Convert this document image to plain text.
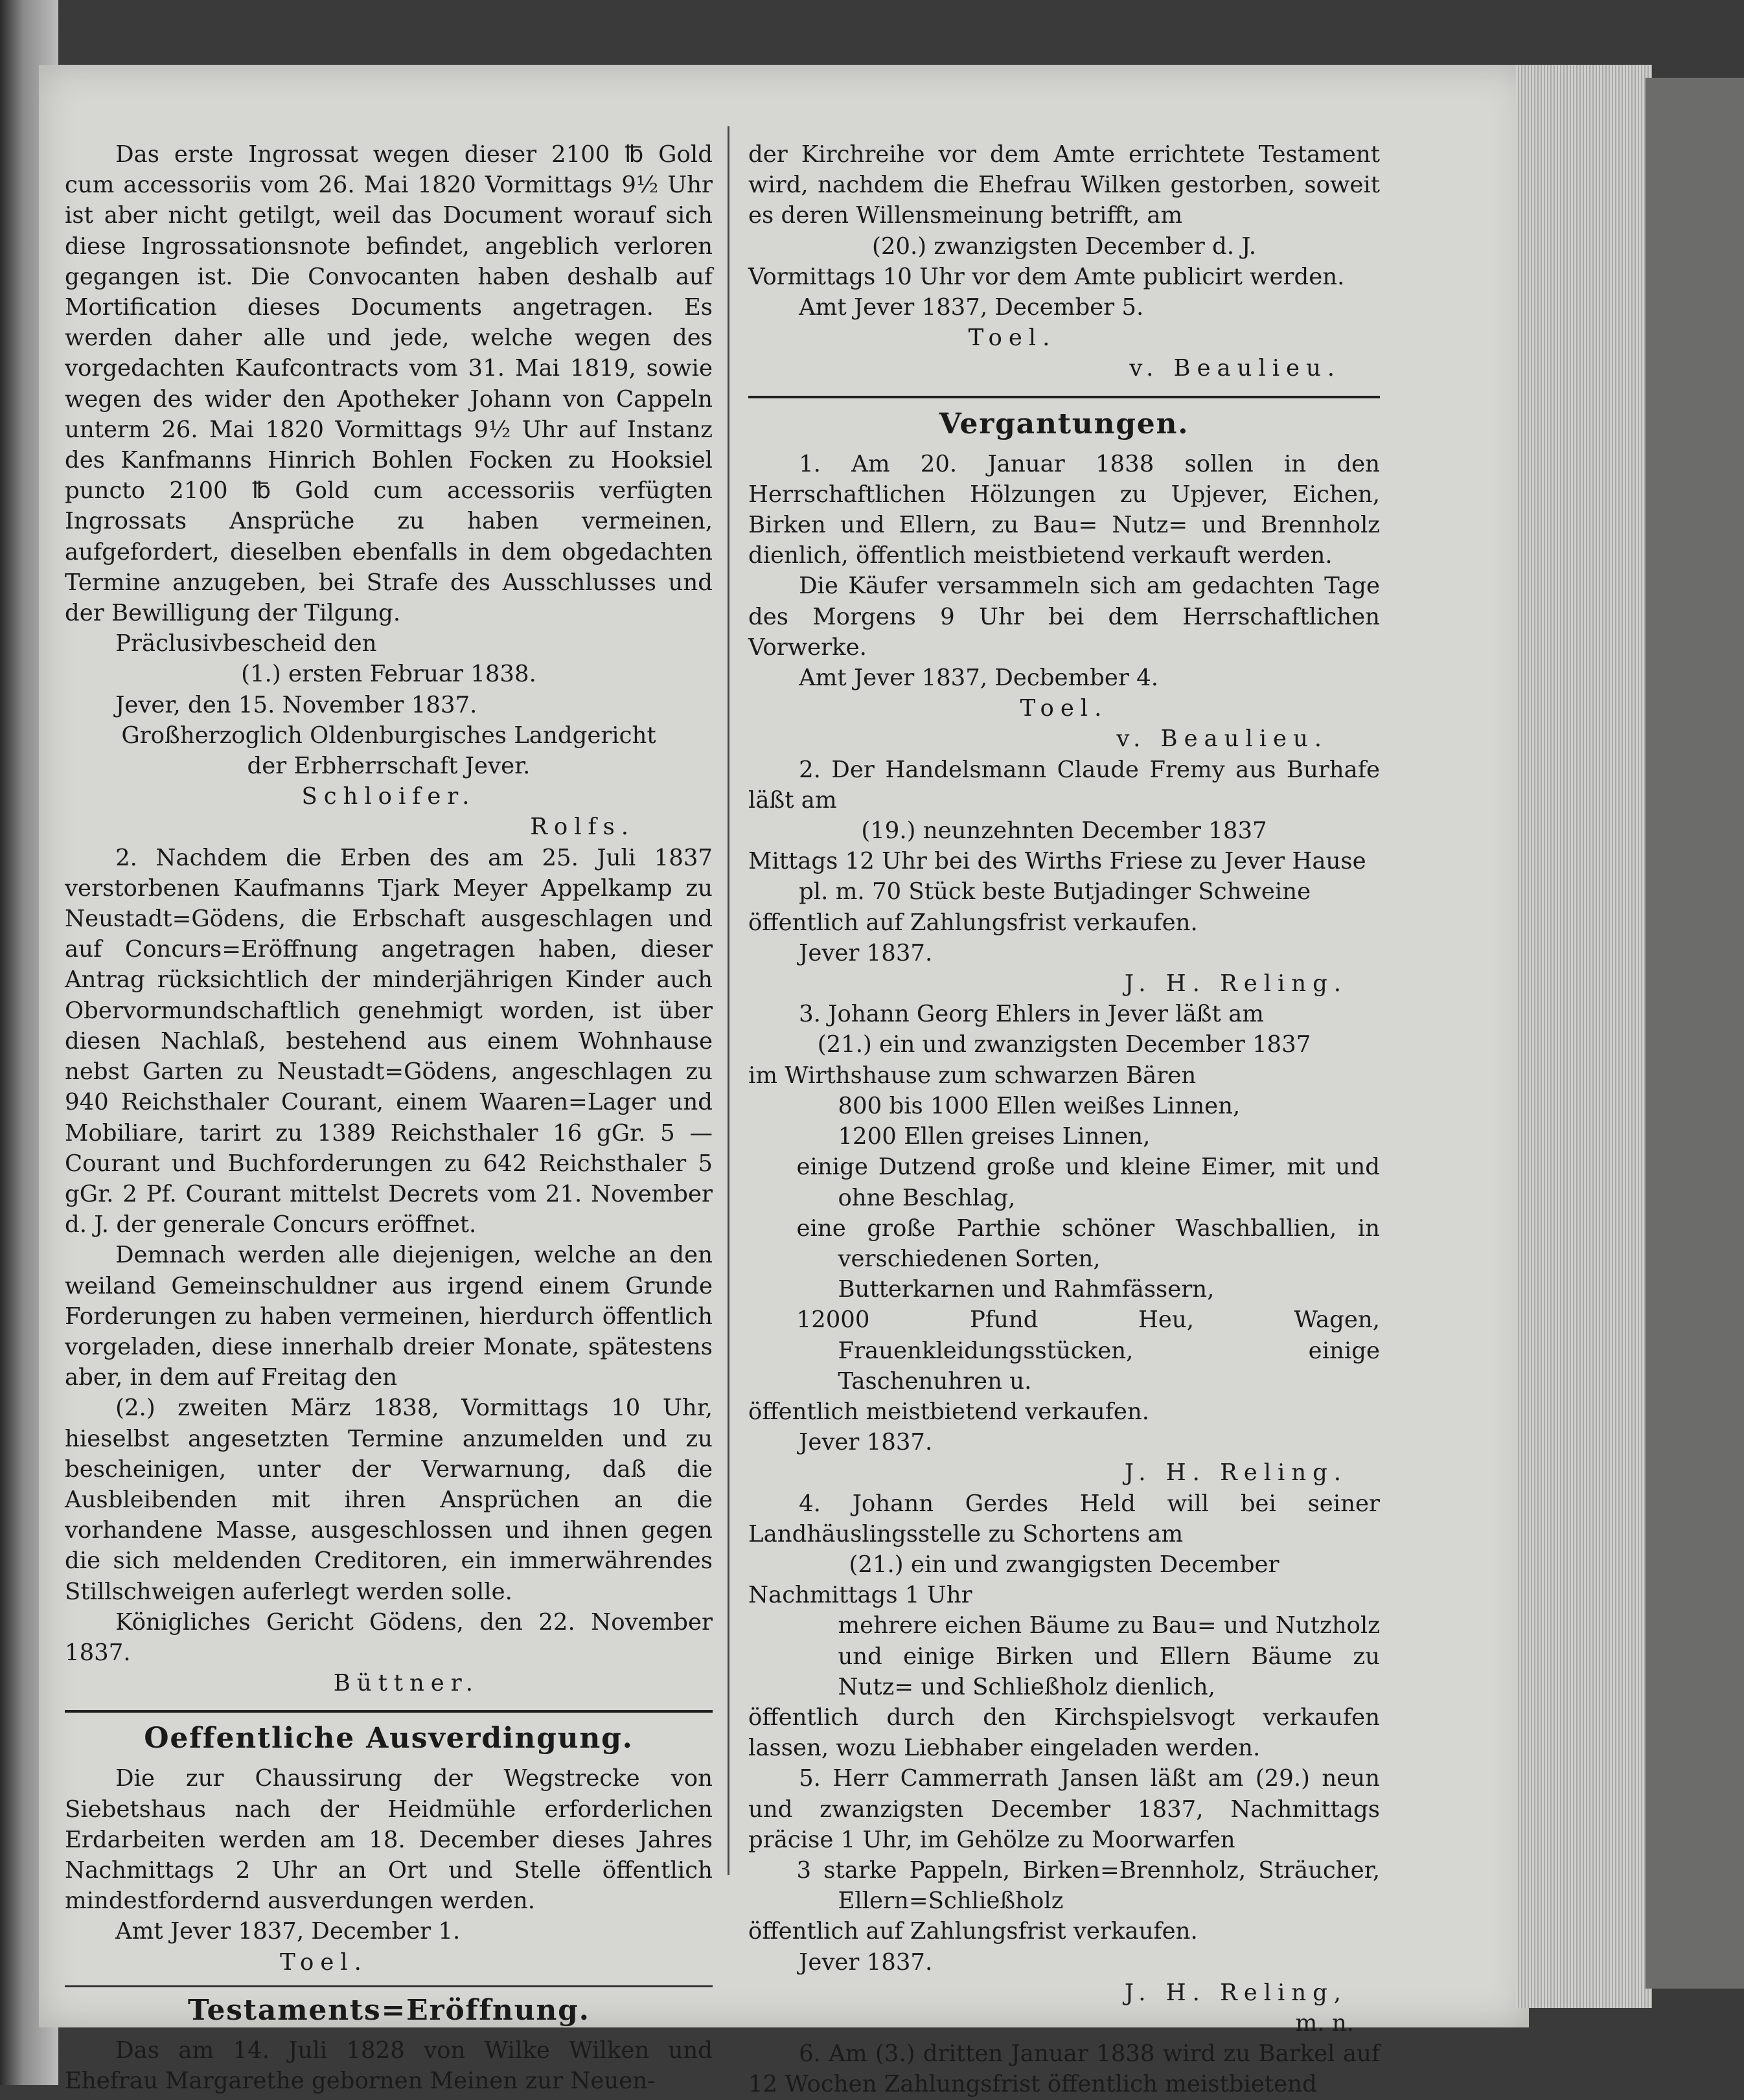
Das erste Ingrossat wegen dieser 2100 ℔ Gold cum accessoriis vom 26. Mai 1820 Vormittags 9½ Uhr ist aber nicht getilgt, weil das Document worauf sich diese Ingrossationsnote befindet, angeblich verloren gegangen ist. Die Convocanten haben deshalb auf Mortification dieses Documents angetragen. Es werden daher alle und jede, welche wegen des vorgedachten Kaufcontracts vom 31. Mai 1819, sowie wegen des wider den Apotheker Johann von Cappeln unterm 26. Mai 1820 Vormittags 9½ Uhr auf Instanz des Kanfmanns Hinrich Bohlen Focken zu Hooksiel puncto 2100 ℔ Gold cum accessoriis verfügten Ingrossats Ansprüche zu haben vermeinen, aufgefordert, dieselben ebenfalls in dem obgedachten Termine anzugeben, bei Strafe des Ausschlusses und der Bewilligung der Tilgung.

Präclusivbescheid den

(1.) ersten Februar 1838.

Jever, den 15. November 1837.

Großherzoglich Oldenburgisches Landgericht

der Erbherrschaft Jever.

Schloifer.

Rolfs.

2. Nachdem die Erben des am 25. Juli 1837 verstorbenen Kaufmanns Tjark Meyer Appelkamp zu Neustadt=Gödens, die Erbschaft ausgeschlagen und auf Concurs=Eröffnung angetragen haben, dieser Antrag rücksichtlich der minderjährigen Kinder auch Obervormundschaftlich genehmigt worden, ist über diesen Nachlaß, bestehend aus einem Wohnhause nebst Garten zu Neustadt=Gödens, angeschlagen zu 940 Reichsthaler Courant, einem Waaren=Lager und Mobiliare, tarirt zu 1389 Reichsthaler 16 gGr. 5 — Courant und Buchforderungen zu 642 Reichsthaler 5 gGr. 2 Pf. Courant mittelst Decrets vom 21. November d. J. der generale Concurs eröffnet.

Demnach werden alle diejenigen, welche an den weiland Gemeinschuldner aus irgend einem Grunde Forderungen zu haben vermeinen, hierdurch öffentlich vorgeladen, diese innerhalb dreier Monate, spätestens aber, in dem auf Freitag den

(2.) zweiten März 1838, Vormittags 10 Uhr, hieselbst angesetzten Termine anzumelden und zu bescheinigen, unter der Verwarnung, daß die Ausbleibenden mit ihren Ansprüchen an die vorhandene Masse, ausgeschlossen und ihnen gegen die sich meldenden Creditoren, ein immerwährendes Stillschweigen auferlegt werden solle.

Königliches Gericht Gödens, den 22. November 1837.

Büttner.

Oeffentliche Ausverdingung.

Die zur Chaussirung der Wegstrecke von Siebetshaus nach der Heidmühle erforderlichen Erdarbeiten werden am 18. December dieses Jahres Nachmittags 2 Uhr an Ort und Stelle öffentlich mindestfordernd ausverdungen werden.

Amt Jever 1837, December 1.

Toel.

Testaments=Eröffnung.

Das am 14. Juli 1828 von Wilke Wilken und Ehefrau Margarethe gebornen Meinen zur Neuen-

der Kirchreihe vor dem Amte errichtete Testament wird, nachdem die Ehefrau Wilken gestorben, soweit es deren Willensmeinung betrifft, am

(20.) zwanzigsten December d. J.

Vormittags 10 Uhr vor dem Amte publicirt werden.

Amt Jever 1837, December 5.

Toel.

v. Beaulieu.

Vergantungen.

1. Am 20. Januar 1838 sollen in den Herrschaftlichen Hölzungen zu Upjever, Eichen, Birken und Ellern, zu Bau= Nutz= und Brennholz dienlich, öffentlich meistbietend verkauft werden.

Die Käufer versammeln sich am gedachten Tage des Morgens 9 Uhr bei dem Herrschaftlichen Vorwerke.

Amt Jever 1837, Decbember 4.

Toel.

v. Beaulieu.

2. Der Handelsmann Claude Fremy aus Burhafe läßt am

(19.) neunzehnten December 1837

Mittags 12 Uhr bei des Wirths Friese zu Jever Hause

pl. m. 70 Stück beste Butjadinger Schweine

öffentlich auf Zahlungsfrist verkaufen.

Jever 1837.

J. H. Reling.

3. Johann Georg Ehlers in Jever läßt am

(21.) ein und zwanzigsten December 1837

im Wirthshause zum schwarzen Bären

800 bis 1000 Ellen weißes Linnen,

1200 Ellen greises Linnen,

einige Dutzend große und kleine Eimer, mit und ohne Beschlag,

eine große Parthie schöner Waschballien, in verschiedenen Sorten,

Butterkarnen und Rahmfässern,

12000 Pfund Heu, Wagen, Frauenkleidungsstücken, einige Taschenuhren u.

öffentlich meistbietend verkaufen.

Jever 1837.

J. H. Reling.

4. Johann Gerdes Held will bei seiner Landhäuslingsstelle zu Schortens am

(21.) ein und zwangigsten December

Nachmittags 1 Uhr

mehrere eichen Bäume zu Bau= und Nutzholz und einige Birken und Ellern Bäume zu Nutz= und Schließholz dienlich,

öffentlich durch den Kirchspielsvogt verkaufen lassen, wozu Liebhaber eingeladen werden.

5. Herr Cammerrath Jansen läßt am (29.) neun und zwanzigsten December 1837, Nachmittags präcise 1 Uhr, im Gehölze zu Moorwarfen

3 starke Pappeln, Birken=Brennholz, Sträucher, Ellern=Schließholz

öffentlich auf Zahlungsfrist verkaufen.

Jever 1837.

J. H. Reling,

m. n.

6. Am (3.) dritten Januar 1838 wird zu Barkel auf 12 Wochen Zahlungsfrist öffentlich meistbietend
